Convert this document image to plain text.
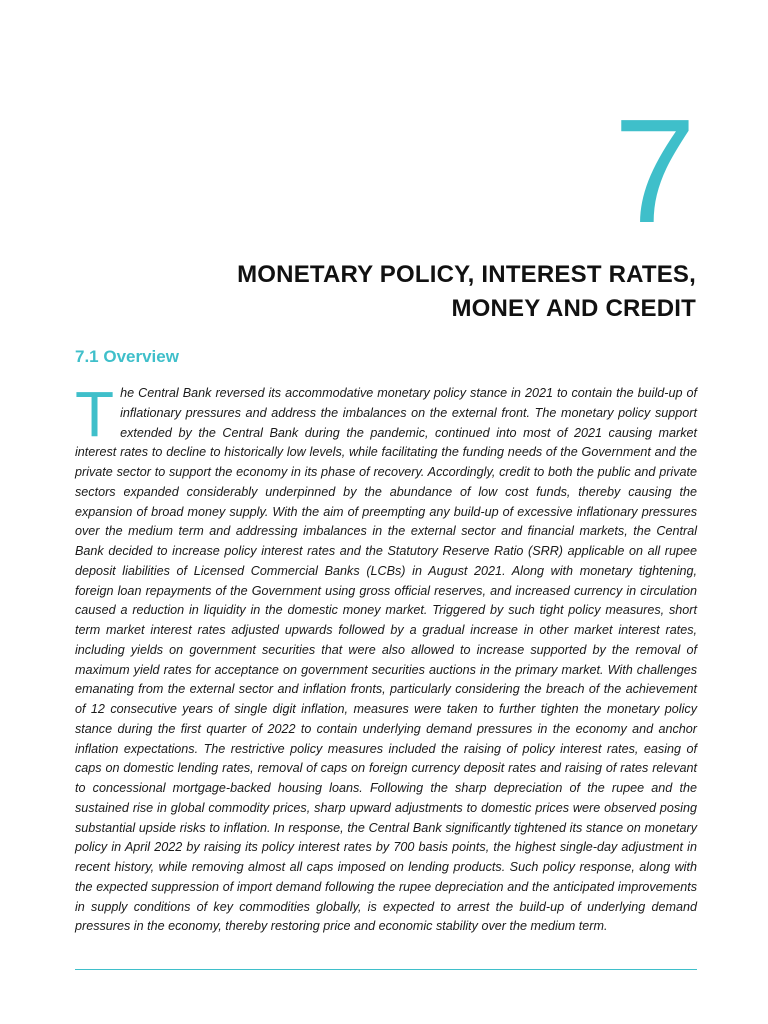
7
MONETARY POLICY, INTEREST RATES,
MONEY AND CREDIT
7.1 Overview

The Central Bank reversed its accommodative monetary policy stance in 2021 to contain the build-up of inflationary pressures and address the imbalances on the external front. The monetary policy support extended by the Central Bank during the pandemic, continued into most of 2021 causing market interest rates to decline to historically low levels, while facilitating the funding needs of the Government and the private sector to support the economy in its phase of recovery. Accordingly, credit to both the public and private sectors expanded considerably underpinned by the abundance of low cost funds, thereby causing the expansion of broad money supply. With the aim of preempting any build-up of excessive inflationary pressures over the medium term and addressing imbalances in the external sector and financial markets, the Central Bank decided to increase policy interest rates and the Statutory Reserve Ratio (SRR) applicable on all rupee deposit liabilities of Licensed Commercial Banks (LCBs) in August 2021. Along with monetary tightening, foreign loan repayments of the Government using gross official reserves, and increased currency in circulation caused a reduction in liquidity in the domestic money market. Triggered by such tight policy measures, short term market interest rates adjusted upwards followed by a gradual increase in other market interest rates, including yields on government securities that were also allowed to increase supported by the removal of maximum yield rates for acceptance on government securities auctions in the primary market. With challenges emanating from the external sector and inflation fronts, particularly considering the breach of the achievement of 12 consecutive years of single digit inflation, measures were taken to further tighten the monetary policy stance during the first quarter of 2022 to contain underlying demand pressures in the economy and anchor inflation expectations. The restrictive policy measures included the raising of policy interest rates, easing of caps on domestic lending rates, removal of caps on foreign currency deposit rates and raising of rates relevant to concessional mortgage-backed housing loans. Following the sharp depreciation of the rupee and the sustained rise in global commodity prices, sharp upward adjustments to domestic prices were observed posing substantial upside risks to inflation. In response, the Central Bank significantly tightened its stance on monetary policy in April 2022 by raising its policy interest rates by 700 basis points, the highest single-day adjustment in recent history, while removing almost all caps imposed on lending products. Such policy response, along with the expected suppression of import demand following the rupee depreciation and the anticipated improvements in supply conditions of key commodities globally, is expected to arrest the build-up of underlying demand pressures in the economy, thereby restoring price and economic stability over the medium term.
